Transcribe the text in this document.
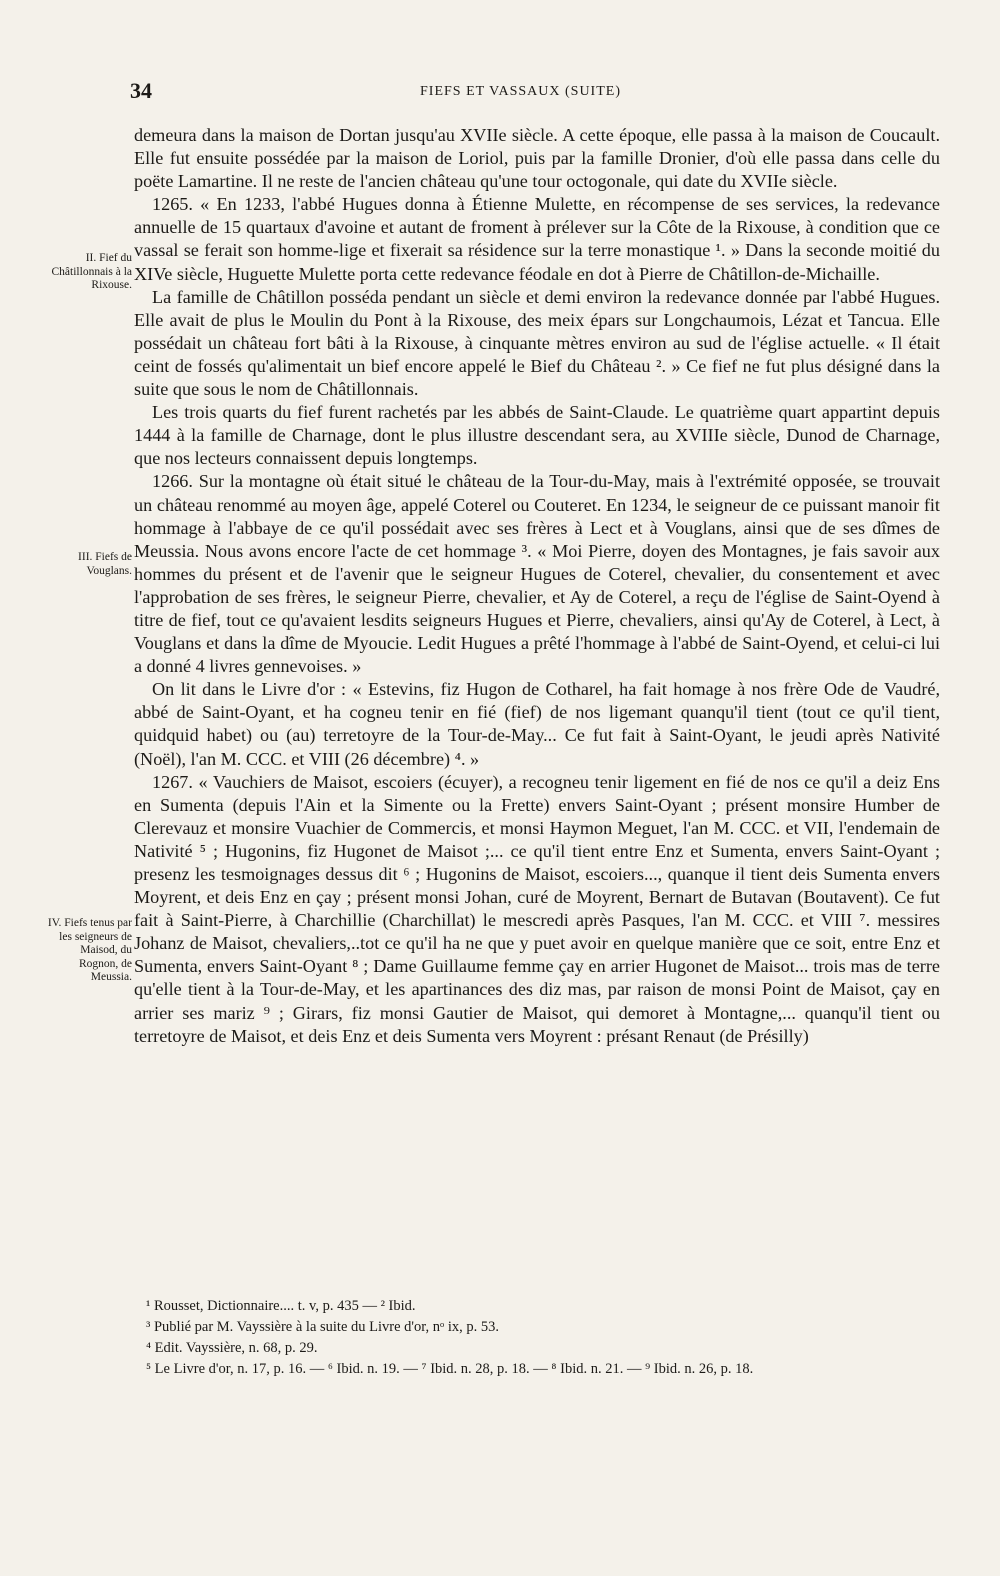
34	FIEFS ET VASSAUX (SUITE)
II. Fief du Châtillonnais à la Rixouse.
III. Fiefs de Vouglans.
IV. Fiefs tenus par les seigneurs de Maisod, du Rognon, de Meussia.

demeura dans la maison de Dortan jusqu'au XVIIe siècle. A cette époque, elle passa à la maison de Coucault. Elle fut ensuite possédée par la maison de Loriol, puis par la famille Dronier, d'où elle passa dans celle du poëte Lamartine. Il ne reste de l'ancien château qu'une tour octogonale, qui date du XVIIe siècle.

1265. « En 1233, l'abbé Hugues donna à Étienne Mulette, en récompense de ses services, la redevance annuelle de 15 quartaux d'avoine et autant de froment à prélever sur la Côte de la Rixouse, à condition que ce vassal se ferait son homme-lige et fixerait sa résidence sur la terre monastique ¹. » Dans la seconde moitié du XIVe siècle, Huguette Mulette porta cette redevance féodale en dot à Pierre de Châtillon-de-Michaille.

La famille de Châtillon posséda pendant un siècle et demi environ la redevance donnée par l'abbé Hugues. Elle avait de plus le Moulin du Pont à la Rixouse, des meix épars sur Longchaumois, Lézat et Tancua. Elle possédait un château fort bâti à la Rixouse, à cinquante mètres environ au sud de l'église actuelle. « Il était ceint de fossés qu'alimentait un bief encore appelé le Bief du Château ². » Ce fief ne fut plus désigné dans la suite que sous le nom de Châtillonnais.

Les trois quarts du fief furent rachetés par les abbés de Saint-Claude. Le quatrième quart appartint depuis 1444 à la famille de Charnage, dont le plus illustre descendant sera, au XVIIIe siècle, Dunod de Charnage, que nos lecteurs connaissent depuis longtemps.

1266. Sur la montagne où était situé le château de la Tour-du-May, mais à l'extrémité opposée, se trouvait un château renommé au moyen âge, appelé Coterel ou Couteret. En 1234, le seigneur de ce puissant manoir fit hommage à l'abbaye de ce qu'il possédait avec ses frères à Lect et à Vouglans, ainsi que de ses dîmes de Meussia. Nous avons encore l'acte de cet hommage ³. « Moi Pierre, doyen des Montagnes, je fais savoir aux hommes du présent et de l'avenir que le seigneur Hugues de Coterel, chevalier, du consentement et avec l'approbation de ses frères, le seigneur Pierre, chevalier, et Ay de Coterel, a reçu de l'église de Saint-Oyend à titre de fief, tout ce qu'avaient lesdits seigneurs Hugues et Pierre, chevaliers, ainsi qu'Ay de Coterel, à Lect, à Vouglans et dans la dîme de Myoucie. Ledit Hugues a prêté l'hommage à l'abbé de Saint-Oyend, et celui-ci lui a donné 4 livres gennevoises. »

On lit dans le Livre d'or : « Estevins, fiz Hugon de Cotharel, ha fait homage à nos frère Ode de Vaudré, abbé de Saint-Oyant, et ha cogneu tenir en fié (fief) de nos ligemant quanqu'il tient (tout ce qu'il tient, quidquid habet) ou (au) terretoyre de la Tour-de-May... Ce fut fait à Saint-Oyant, le jeudi après Nativité (Noël), l'an M. CCC. et VIII (26 décembre) ⁴. »

1267. « Vauchiers de Maisot, escoiers (écuyer), a recogneu tenir ligement en fié de nos ce qu'il a deiz Ens en Sumenta (depuis l'Ain et la Simente ou la Frette) envers Saint-Oyant ; présent monsire Humber de Clerevauz et monsire Vuachier de Commercis, et monsi Haymon Meguet, l'an M. CCC. et VII, l'endemain de Nativité ⁵ ; Hugonins, fiz Hugonet de Maisot ;... ce qu'il tient entre Enz et Sumenta, envers Saint-Oyant ; presenz les tesmoignages dessus dit ⁶ ; Hugonins de Maisot, escoiers..., quanque il tient deis Sumenta envers Moyrent, et deis Enz en çay ; présent monsi Johan, curé de Moyrent, Bernart de Butavan (Boutavent). Ce fut fait à Saint-Pierre, à Charchillie (Charchillat) le mescredi après Pasques, l'an M. CCC. et VIII ⁷. messires Johanz de Maisot, chevaliers,..tot ce qu'il ha ne que y puet avoir en quelque manière que ce soit, entre Enz et Sumenta, envers Saint-Oyant ⁸ ; Dame Guillaume femme çay en arrier Hugonet de Maisot... trois mas de terre qu'elle tient à la Tour-de-May, et les apartinances des diz mas, par raison de monsi Point de Maisot, çay en arrier ses mariz ⁹ ; Girars, fiz monsi Gautier de Maisot, qui demoret à Montagne,... quanqu'il tient ou terretoyre de Maisot, et deis Enz et deis Sumenta vers Moyrent : présant Renaut (de Présilly)

¹ Rousset, Dictionnaire.... t. v, p. 435 — ² Ibid.

³ Publié par M. Vayssière à la suite du Livre d'or, nᵒ ix, p. 53.

⁴ Edit. Vayssière, n. 68, p. 29.

⁵ Le Livre d'or, n. 17, p. 16. — ⁶ Ibid. n. 19. — ⁷ Ibid. n. 28, p. 18. — ⁸ Ibid. n. 21. — ⁹ Ibid. n. 26, p. 18.
